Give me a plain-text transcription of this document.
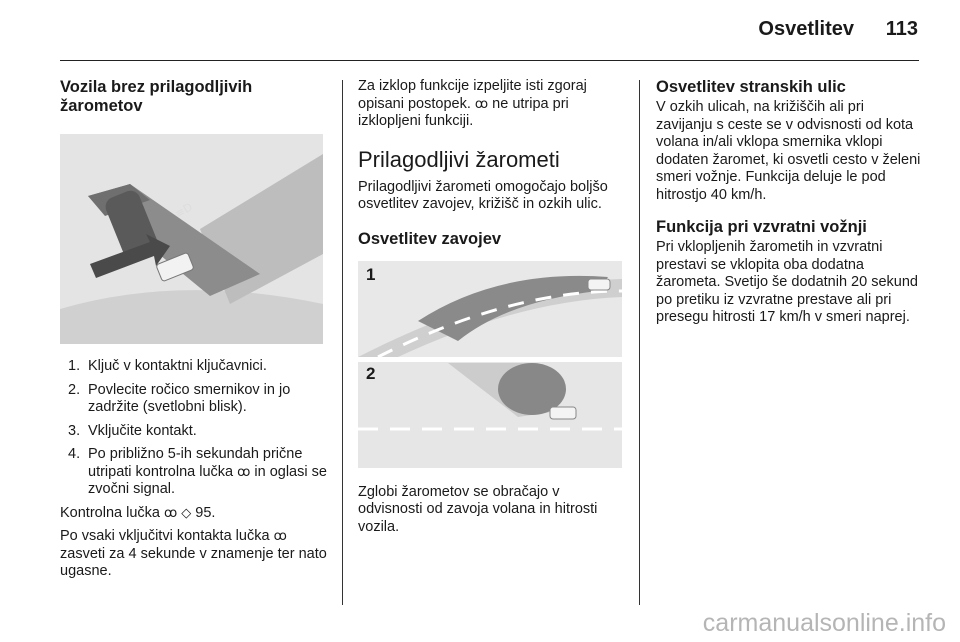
Osvetlitev 113
Vozila brez prilagodljivih žarometov
≡D
1. Ključ v kontaktni ključavnici.
2. Povlecite ročico smernikov in jo zadržite (svetlobni blisk).
3. Vključite kontakt.
4. Po približno 5-ih sekundah prične utripati kontrolna lučka ꝏ in oglasi se zvočni signal.

Kontrolna lučka ꝏ ◇ 95.

Po vsaki vključitvi kontakta lučka ꝏ zasveti za 4 sekunde v znamenje ter nato ugasne.

Za izklop funkcije izpeljite isti zgoraj opisani postopek. ꝏ ne utripa pri izklopljeni funkciji.

Prilagodljivi žarometi

Prilagodljivi žarometi omogočajo boljšo osvetlitev zavojev, križišč in ozkih ulic.

Osvetlitev zavojev
1
2

Zglobi žarometov se obračajo v odvisnosti od zavoja volana in hitrosti vozila.

Osvetlitev stranskih ulic

V ozkih ulicah, na križiščih ali pri zavijanju s ceste se v odvisnosti od kota volana in/ali vklopa smernika vklopi dodaten žaromet, ki osvetli cesto v želeni smeri vožnje. Funkcija deluje le pod hitrostjo 40 km/h.

Funkcija pri vzvratni vožnji

Pri vklopljenih žarometih in vzvratni prestavi se vklopita oba dodatna žarometa. Svetijo še dodatnih 20 sekund po pretiku iz vzvratne prestave ali pri presegu hitrosti 17 km/h v smeri naprej.

carmanualsonline.info
